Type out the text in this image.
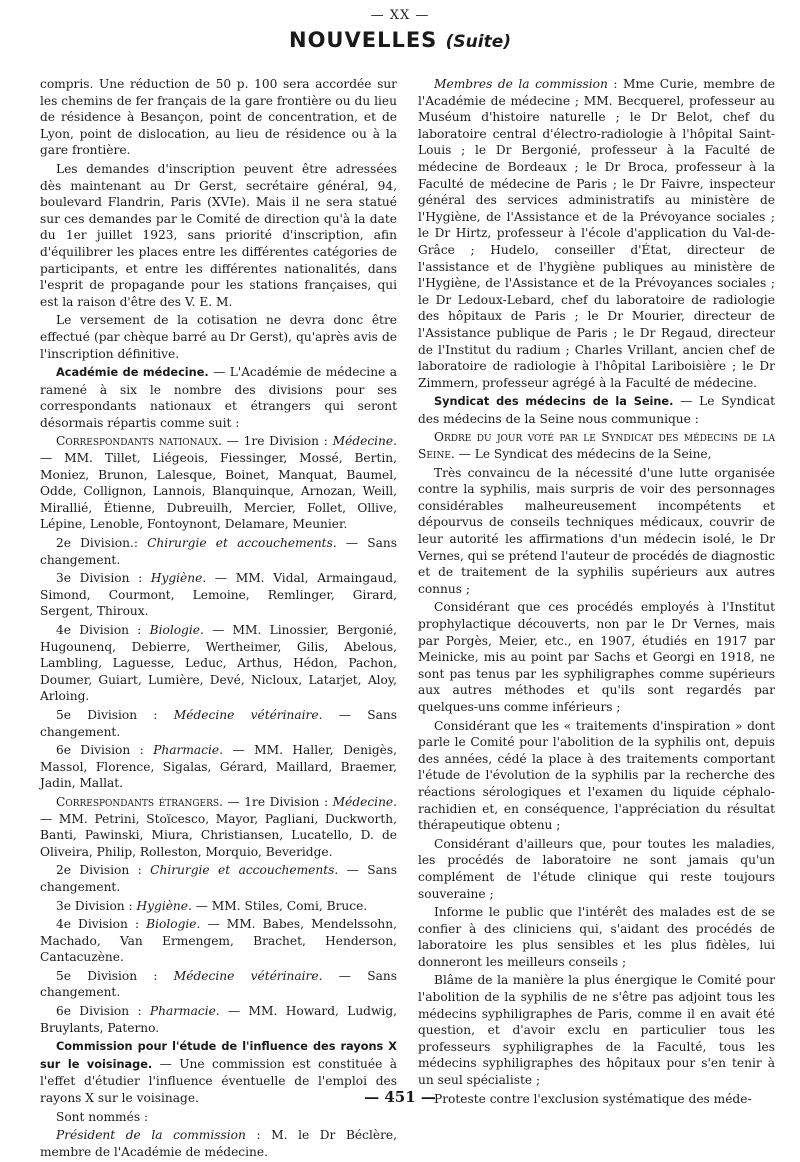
— XX —
NOUVELLES (Suite)

compris. Une réduction de 50 p. 100 sera accordée sur les chemins de fer français de la gare frontière ou du lieu de résidence à Besançon, point de concentration, et de Lyon, point de dislocation, au lieu de résidence ou à la gare frontière.

Les demandes d'inscription peuvent être adressées dès maintenant au Dr Gerst, secrétaire général, 94, boulevard Flandrin, Paris (XVIe). Mais il ne sera statué sur ces demandes par le Comité de direction qu'à la date du 1er juillet 1923, sans priorité d'inscription, afin d'équilibrer les places entre les différentes catégories de participants, et entre les différentes nationalités, dans l'esprit de propagande pour les stations françaises, qui est la raison d'être des V. E. M.

Le versement de la cotisation ne devra donc être effectué (par chèque barré au Dr Gerst), qu'après avis de l'inscription définitive.

Académie de médecine. — L'Académie de médecine a ramené à six le nombre des divisions pour ses correspondants nationaux et étrangers qui seront désormais répartis comme suit :

Correspondants nationaux. — 1re Division : Médecine. — MM. Tillet, Liégeois, Fiessinger, Mossé, Bertin, Moniez, Brunon, Lalesque, Boinet, Manquat, Baumel, Odde, Collignon, Lannois, Blanquinque, Arnozan, Weill, Mirallié, Étienne, Dubreuilh, Mercier, Follet, Ollive, Lépine, Lenoble, Fontoynont, Delamare, Meunier.

2e Division.: Chirurgie et accouchements. — Sans changement.

3e Division : Hygiène. — MM. Vidal, Armaingaud, Simond, Courmont, Lemoine, Remlinger, Girard, Sergent, Thiroux.

4e Division : Biologie. — MM. Linossier, Bergonié, Hugounenq, Debierre, Wertheimer, Gilis, Abelous, Lambling, Laguesse, Leduc, Arthus, Hédon, Pachon, Doumer, Guiart, Lumière, Devé, Nicloux, Latarjet, Aloy, Arloing.

5e Division : Médecine vétérinaire. — Sans changement.

6e Division : Pharmacie. — MM. Haller, Denigès, Massol, Florence, Sigalas, Gérard, Maillard, Braemer, Jadin, Mallat.

Correspondants étrangers. — 1re Division : Médecine. — MM. Petrini, Stoïcesco, Mayor, Pagliani, Duckworth, Banti, Pawinski, Miura, Christiansen, Lucatello, D. de Oliveira, Philip, Rolleston, Morquio, Beveridge.

2e Division : Chirurgie et accouchements. — Sans changement.

3e Division : Hygiène. — MM. Stiles, Comi, Bruce.

4e Division : Biologie. — MM. Babes, Mendelssohn, Machado, Van Ermengem, Brachet, Henderson, Cantacuzène.

5e Division : Médecine vétérinaire. — Sans changement.

6e Division : Pharmacie. — MM. Howard, Ludwig, Bruylants, Paterno.

Commission pour l'étude de l'influence des rayons X sur le voisinage. — Une commission est constituée à l'effet d'étudier l'influence éventuelle de l'emploi des rayons X sur le voisinage.

Sont nommés :

Président de la commission : M. le Dr Béclère, membre de l'Académie de médecine.

Membres de la commission : Mme Curie, membre de l'Académie de médecine ; MM. Becquerel, professeur au Muséum d'histoire naturelle ; le Dr Belot, chef du laboratoire central d'électro-radiologie à l'hôpital Saint-Louis ; le Dr Bergonié, professeur à la Faculté de médecine de Bordeaux ; le Dr Broca, professeur à la Faculté de médecine de Paris ; le Dr Faivre, inspecteur général des services administratifs au ministère de l'Hygiène, de l'Assistance et de la Prévoyance sociales ; le Dr Hirtz, professeur à l'école d'application du Val-de-Grâce ; Hudelo, conseiller d'État, directeur de l'assistance et de l'hygiène publiques au ministère de l'Hygiène, de l'Assistance et de la Prévoyances sociales ; le Dr Ledoux-Lebard, chef du laboratoire de radiologie des hôpitaux de Paris ; le Dr Mourier, directeur de l'Assistance publique de Paris ; le Dr Regaud, directeur de l'Institut du radium ; Charles Vrillant, ancien chef de laboratoire de radiologie à l'hôpital Lariboisière ; le Dr Zimmern, professeur agrégé à la Faculté de médecine.

Syndicat des médecins de la Seine. — Le Syndicat des médecins de la Seine nous communique :

Ordre du jour voté par le Syndicat des médecins de la Seine. — Le Syndicat des médecins de la Seine,

Très convaincu de la nécessité d'une lutte organisée contre la syphilis, mais surpris de voir des personnages considérables malheureusement incompétents et dépourvus de conseils techniques médicaux, couvrir de leur autorité les affirmations d'un médecin isolé, le Dr Vernes, qui se prétend l'auteur de procédés de diagnostic et de traitement de la syphilis supérieurs aux autres connus ;

Considérant que ces procédés employés à l'Institut prophylactique découverts, non par le Dr Vernes, mais par Porgès, Meier, etc., en 1907, étudiés en 1917 par Meinicke, mis au point par Sachs et Georgi en 1918, ne sont pas tenus par les syphiligraphes comme supérieurs aux autres méthodes et qu'ils sont regardés par quelques-uns comme inférieurs ;

Considérant que les « traitements d'inspiration » dont parle le Comité pour l'abolition de la syphilis ont, depuis des années, cédé la place à des traitements comportant l'étude de l'évolution de la syphilis par la recherche des réactions sérologiques et l'examen du liquide céphalo-rachidien et, en conséquence, l'appréciation du résultat thérapeutique obtenu ;

Considérant d'ailleurs que, pour toutes les maladies, les procédés de laboratoire ne sont jamais qu'un complément de l'étude clinique qui reste toujours souveraine ;

Informe le public que l'intérêt des malades est de se confier à des cliniciens qui, s'aidant des procédés de laboratoire les plus sensibles et les plus fidèles, lui donneront les meilleurs conseils ;

Blâme de la manière la plus énergique le Comité pour l'abolition de la syphilis de ne s'être pas adjoint tous les médecins syphiligraphes de Paris, comme il en avait été question, et d'avoir exclu en particulier tous les professeurs syphiligraphes de la Faculté, tous les médecins syphiligraphes des hôpitaux pour s'en tenir à un seul spécialiste ;

Proteste contre l'exclusion systématique des méde-

— 451 —
